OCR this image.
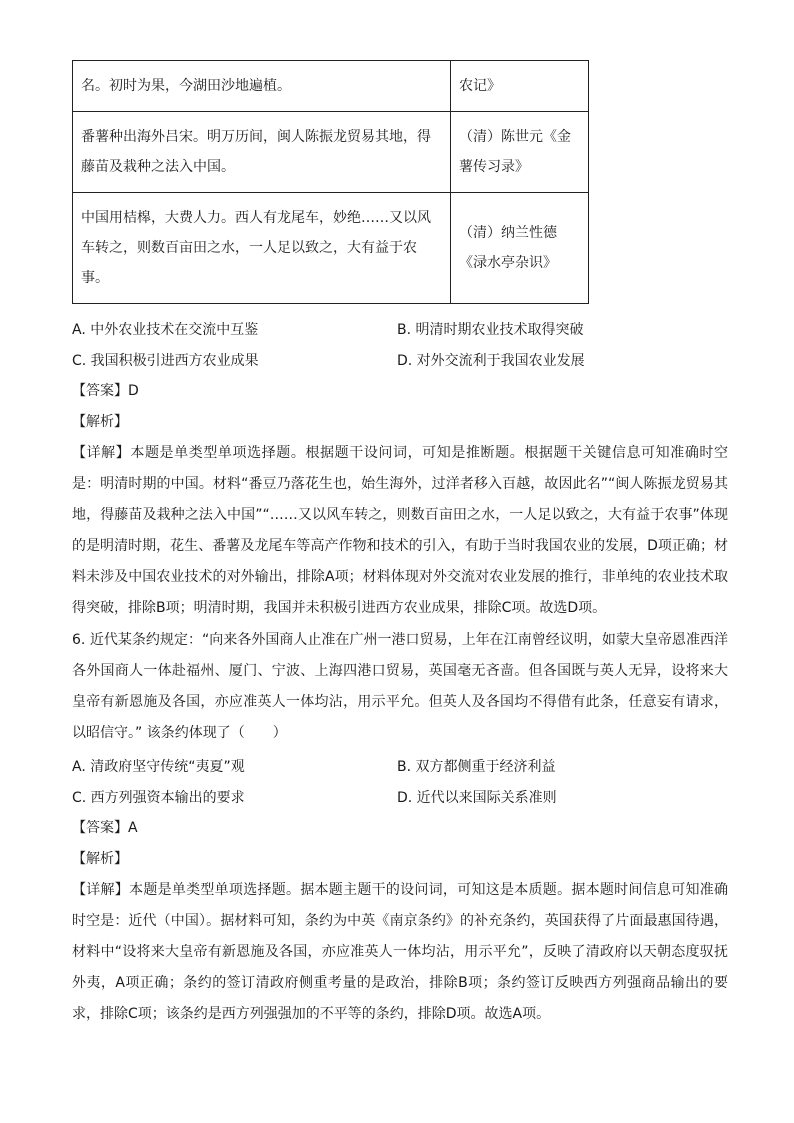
名。初时为果，今湖田沙地遍植。	农记》
番薯种出海外吕宋。明万历间，闽人陈振龙贸易其地，得藤苗及栽种之法入中国。	（清）陈世元《金薯传习录》
中国用桔槔，大费人力。西人有龙尾车，妙绝……又以风车转之，则数百亩田之水，一人足以致之，大有益于农事。	（清）纳兰性德《渌水亭杂识》
A. 中外农业技术在交流中互鉴	B. 明清时期农业技术取得突破
C. 我国积极引进西方农业成果	D. 对外交流利于我国农业发展

【答案】D

【解析】

【详解】本题是单类型单项选择题。根据题干设问词，可知是推断题。根据题干关键信息可知准确时空是：明清时期的中国。材料“番豆乃落花生也，始生海外，过洋者移入百越，故因此名”“闽人陈振龙贸易其地，得藤苗及栽种之法入中国”“……又以风车转之，则数百亩田之水，一人足以致之，大有益于农事”体现的是明清时期，花生、番薯及龙尾车等高产作物和技术的引入，有助于当时我国农业的发展，D项正确；材料未涉及中国农业技术的对外输出，排除A项；材料体现对外交流对农业发展的推行，非单纯的农业技术取得突破，排除B项；明清时期，我国并未积极引进西方农业成果，排除C项。故选D项。

6. 近代某条约规定：“向来各外国商人止准在广州一港口贸易，上年在江南曾经议明，如蒙大皇帝恩准西洋各外国商人一体赴福州、厦门、宁波、上海四港口贸易，英国毫无吝啬。但各国既与英人无异，设将来大皇帝有新恩施及各国，亦应准英人一体均沾，用示平允。但英人及各国均不得借有此条，任意妄有请求，以昭信守。” 该条约体现了（　　）

A. 清政府坚守传统“夷夏”观	B. 双方都侧重于经济利益
C. 西方列强资本输出的要求	D. 近代以来国际关系准则

【答案】A

【解析】

【详解】本题是单类型单项选择题。据本题主题干的设问词，可知这是本质题。据本题时间信息可知准确时空是：近代（中国）。据材料可知，条约为中英《南京条约》的补充条约，英国获得了片面最惠国待遇，材料中“设将来大皇帝有新恩施及各国，亦应准英人一体均沾，用示平允”，反映了清政府以天朝态度驭抚外夷，A项正确；条约的签订清政府侧重考量的是政治，排除B项；条约签订反映西方列强商品输出的要求，排除C项；该条约是西方列强强加的不平等的条约，排除D项。故选A项。
